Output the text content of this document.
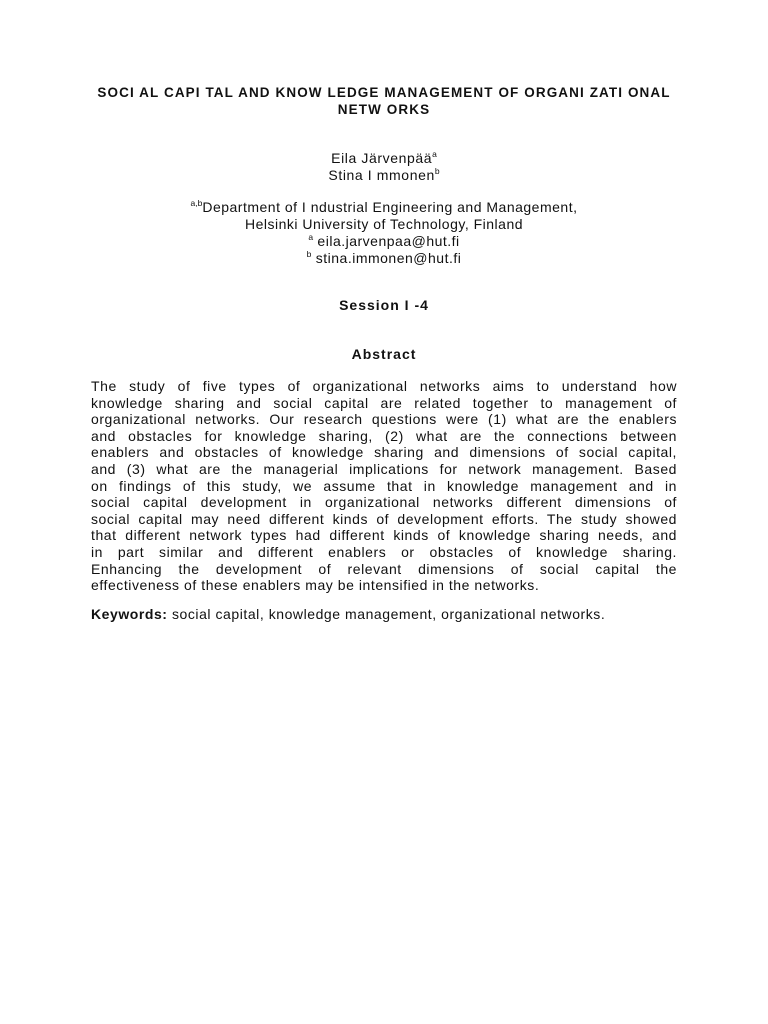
SOCI AL CAPI TAL AND KNOW LEDGE MANAGEMENT OF ORGANI ZATI ONAL
NETW ORKS
Eila Järvenpää$^a$
Stina I mmonen$^b$
$^{a,b}$Department of I ndustrial Engineering and Management,
Helsinki University of Technology, Finland
$^a$ eila.jarvenpaa@hut.fi
$^b$ stina.immonen@hut.fi
Session I -4
Abstract
The study of five types of organizational networks aims to understand how
knowledge sharing and social capital are related together to management of
organizational networks. Our research questions were (1) what are the enablers
and obstacles for knowledge sharing, (2) what are the connections between
enablers and obstacles of knowledge sharing and dimensions of social capital,
and (3) what are the managerial implications for network management. Based
on findings of this study, we assume that in knowledge management and in
social capital development in organizational networks different dimensions of
social capital may need different kinds of development efforts. The study showed
that different network types had different kinds of knowledge sharing needs, and
in part similar and different enablers or obstacles of knowledge sharing.
Enhancing the development of relevant dimensions of social capital the
effectiveness of these enablers may be intensified in the networks.
Keywords: social capital, knowledge management, organizational networks.
